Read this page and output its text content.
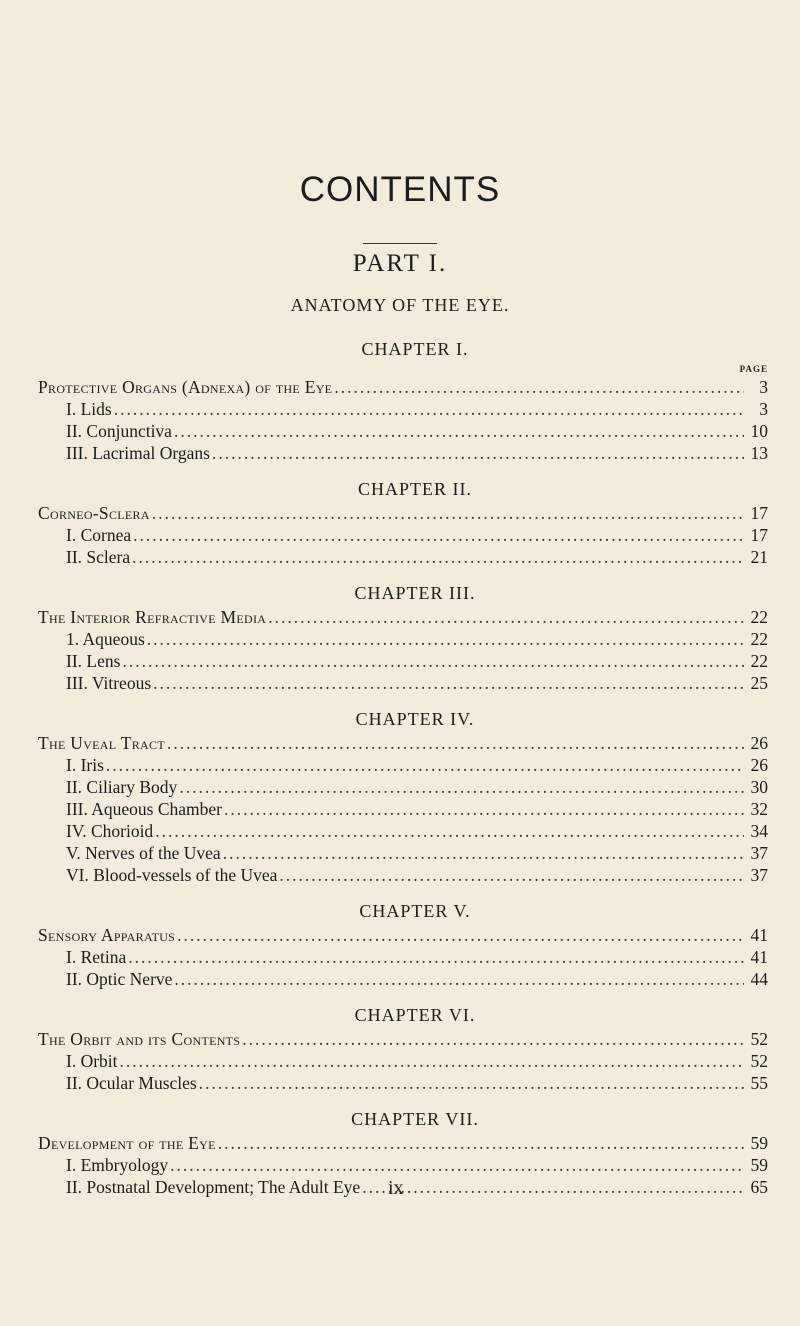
CONTENTS
PART I.
ANATOMY OF THE EYE.
CHAPTER I.
PAGE
Protective Organs (Adnexa) of the Eye .....	3
I. Lids .....	3
II. Conjunctiva .....	10
III. Lacrimal Organs .....	13
CHAPTER II.
Corneo-Sclera .....	17
I. Cornea .....	17
II. Sclera .....	21
CHAPTER III.
The Interior Refractive Media .....	22
1. Aqueous .....	22
II. Lens .....	22
III. Vitreous .....	25
CHAPTER IV.
The Uveal Tract .....	26
I. Iris .....	26
II. Ciliary Body .....	30
III. Aqueous Chamber .....	32
IV. Chorioid .....	34
V. Nerves of the Uvea .....	37
VI. Blood-vessels of the Uvea .....	37
CHAPTER V.
Sensory Apparatus .....	41
I. Retina .....	41
II. Optic Nerve .....	44
CHAPTER VI.
The Orbit and its Contents .....	52
I. Orbit .....	52
II. Ocular Muscles .....	55
CHAPTER VII.
Development of the Eye .....	59
I. Embryology .....	59
II. Postnatal Development; The Adult Eye .....	65

ix
